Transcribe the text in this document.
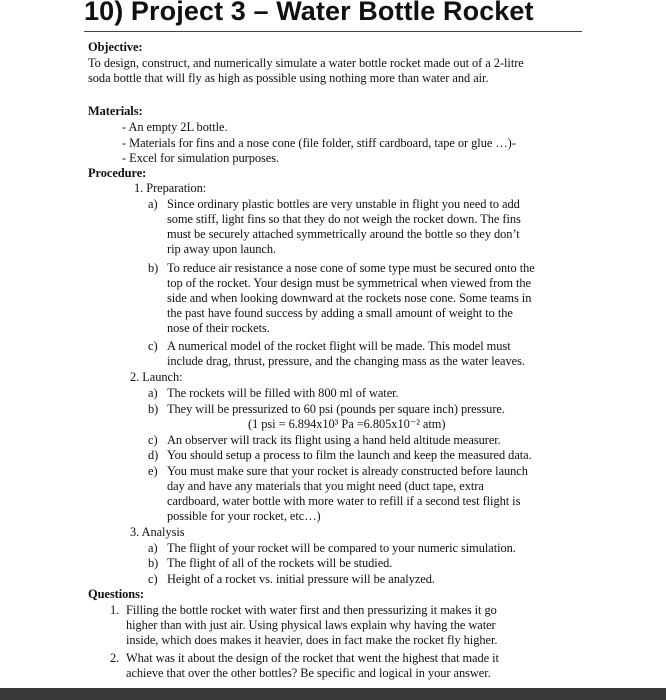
10) Project 3 – Water Bottle Rocket

Objective:

To design, construct, and numerically simulate a water bottle rocket made out of a 2-litre

soda bottle that will fly as high as possible using nothing more than water and air.

Materials:

- An empty 2L bottle.

- Materials for fins and a nose cone (file folder, stiff cardboard, tape or glue …)-

- Excel for simulation purposes.

Procedure:

1. Preparation:

a) Since ordinary plastic bottles are very unstable in flight you need to add

some stiff, light fins so that they do not weigh the rocket down. The fins

must be securely attached symmetrically around the bottle so they don’t

rip away upon launch.

b) To reduce air resistance a nose cone of some type must be secured onto the

top of the rocket. Your design must be symmetrical when viewed from the

side and when looking downward at the rockets nose cone. Some teams in

the past have found success by adding a small amount of weight to the

nose of their rockets.

c) A numerical model of the rocket flight will be made. This model must

include drag, thrust, pressure, and the changing mass as the water leaves.

2. Launch:

a) The rockets will be filled with 800 ml of water.

b) They will be pressurized to 60 psi (pounds per square inch) pressure.

(1 psi = 6.894x10³ Pa =6.805x10⁻² atm)

c) An observer will track its flight using a hand held altitude measurer.

d) You should setup a process to film the launch and keep the measured data.

e) You must make sure that your rocket is already constructed before launch

day and have any materials that you might need (duct tape, extra

cardboard, water bottle with more water to refill if a second test flight is

possible for your rocket, etc…)

3. Analysis

a) The flight of your rocket will be compared to your numeric simulation.

b) The flight of all of the rockets will be studied.

c) Height of a rocket vs. initial pressure will be analyzed.

Questions:

1. Filling the bottle rocket with water first and then pressurizing it makes it go

higher than with just air. Using physical laws explain why having the water

inside, which does makes it heavier, does in fact make the rocket fly higher.

2. What was it about the design of the rocket that went the highest that made it

achieve that over the other bottles? Be specific and logical in your answer.
